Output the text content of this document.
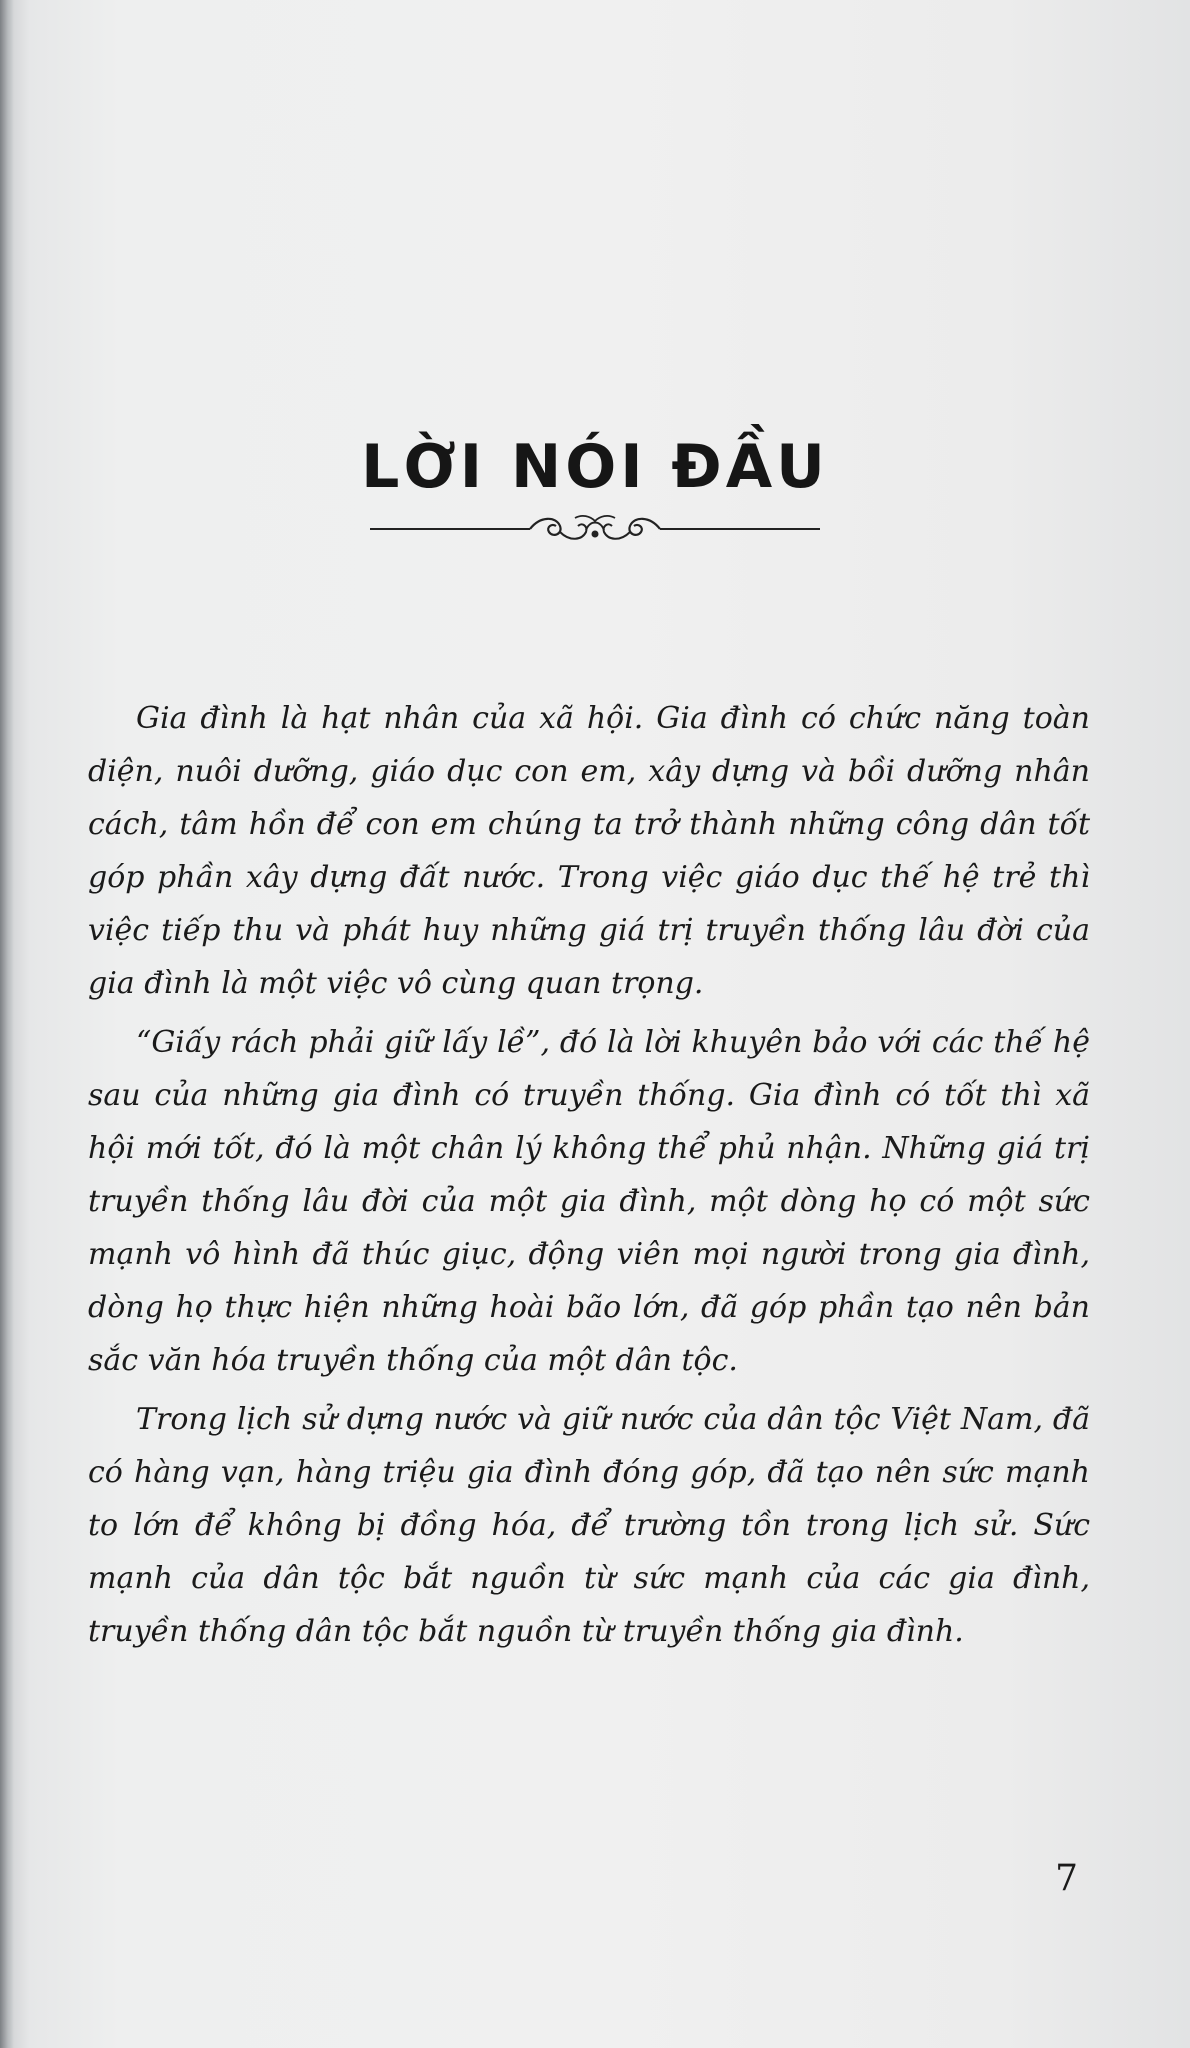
LỜI NÓI ĐẦU

Gia đình là hạt nhân của xã hội. Gia đình có chức năng toàn diện, nuôi dưỡng, giáo dục con em, xây dựng và bồi dưỡng nhân cách, tâm hồn để con em chúng ta trở thành những công dân tốt góp phần xây dựng đất nước. Trong việc giáo dục thế hệ trẻ thì việc tiếp thu và phát huy những giá trị truyền thống lâu đời của gia đình là một việc vô cùng quan trọng.

“Giấy rách phải giữ lấy lề”, đó là lời khuyên bảo với các thế hệ sau của những gia đình có truyền thống. Gia đình có tốt thì xã hội mới tốt, đó là một chân lý không thể phủ nhận. Những giá trị truyền thống lâu đời của một gia đình, một dòng họ có một sức mạnh vô hình đã thúc giục, động viên mọi người trong gia đình, dòng họ thực hiện những hoài bão lớn, đã góp phần tạo nên bản sắc văn hóa truyền thống của một dân tộc.

Trong lịch sử dựng nước và giữ nước của dân tộc Việt Nam, đã có hàng vạn, hàng triệu gia đình đóng góp, đã tạo nên sức mạnh to lớn để không bị đồng hóa, để trường tồn trong lịch sử. Sức mạnh của dân tộc bắt nguồn từ sức mạnh của các gia đình, truyền thống dân tộc bắt nguồn từ truyền thống gia đình.

7
